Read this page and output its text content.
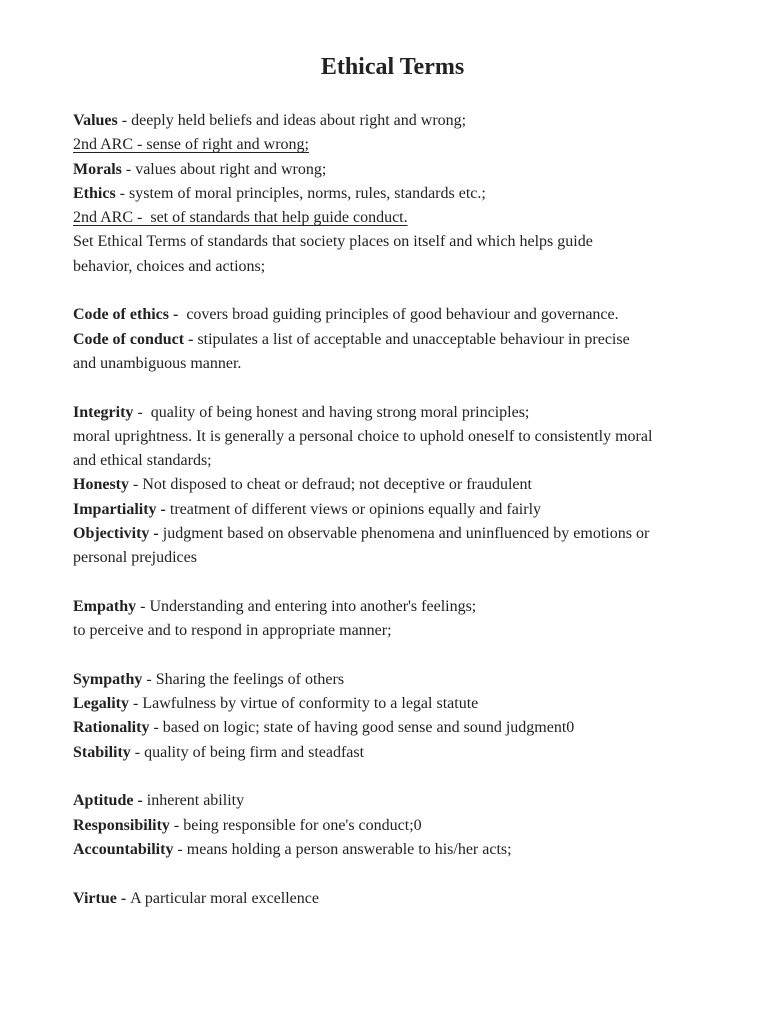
Ethical Terms
Values - deeply held beliefs and ideas about right and wrong;
2nd ARC - sense of right and wrong;
Morals - values about right and wrong;
Ethics - system of moral principles, norms, rules, standards etc.;
2nd ARC -  set of standards that help guide conduct.
Set Ethical Terms of standards that society places on itself and which helps guide
behavior, choices and actions;
Code of ethics -  covers broad guiding principles of good behaviour and governance.
Code of conduct - stipulates a list of acceptable and unacceptable behaviour in precise
and unambiguous manner.
Integrity -  quality of being honest and having strong moral principles;
moral uprightness. It is generally a personal choice to uphold oneself to consistently moral
and ethical standards;
Honesty - Not disposed to cheat or defraud; not deceptive or fraudulent
Impartiality - treatment of different views or opinions equally and fairly
Objectivity - judgment based on observable phenomena and uninfluenced by emotions or
personal prejudices
Empathy - Understanding and entering into another's feelings;
to perceive and to respond in appropriate manner;
Sympathy - Sharing the feelings of others
Legality - Lawfulness by virtue of conformity to a legal statute
Rationality - based on logic; state of having good sense and sound judgment0
Stability - quality of being firm and steadfast
Aptitude - inherent ability
Responsibility - being responsible for one's conduct;0
Accountability - means holding a person answerable to his/her acts;
Virtue - A particular moral excellence
